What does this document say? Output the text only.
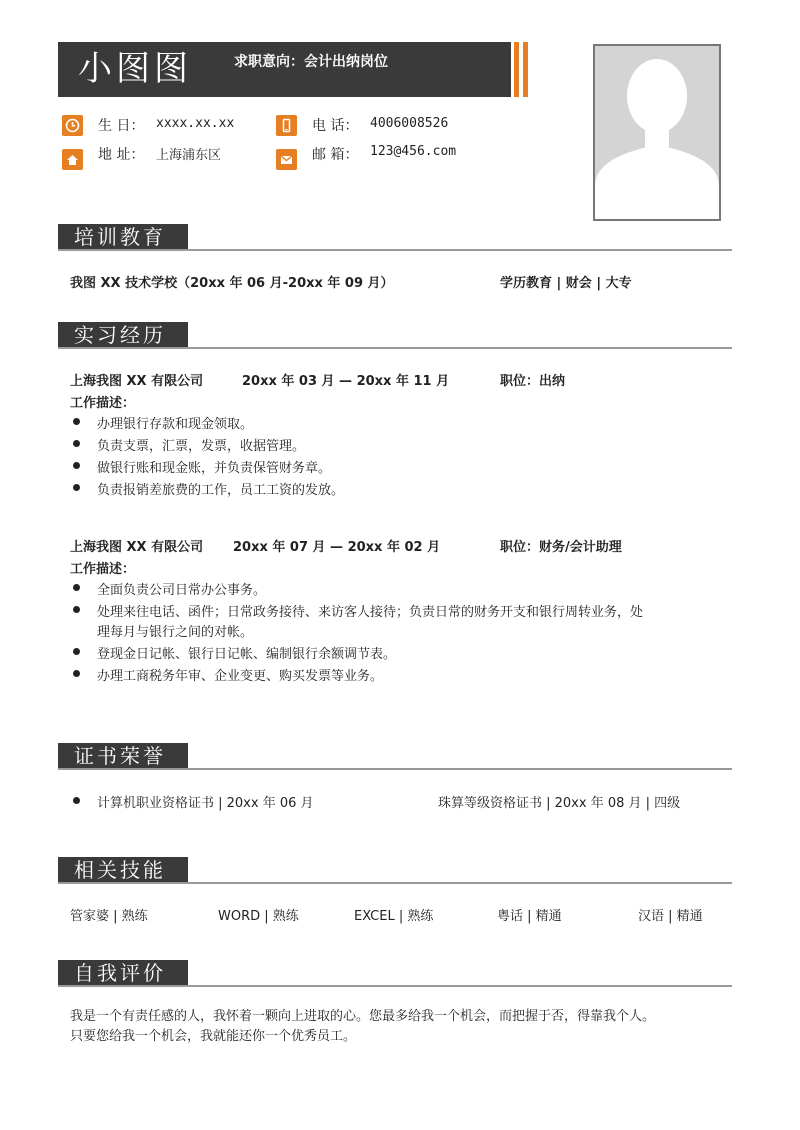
小图图	求职意向：会计出纳岗位
生 日： xxxx.xx.xx
地 址： 上海浦东区
电 话： 4006008526
邮 箱： 123@456.com
培训教育
我图 XX 技术学校（20xx 年 06 月-20xx 年 09 月）	学历教育 | 财会 | 大专
实习经历
上海我图 XX 有限公司	20xx 年 03 月 — 20xx 年 11 月	职位：出纳
工作描述：
办理银行存款和现金领取。
负责支票，汇票，发票，收据管理。
做银行账和现金账，并负责保管财务章。
负责报销差旅费的工作，员工工资的发放。
上海我图 XX 有限公司 20xx 年 07 月 — 20xx 年 02 月	职位：财务/会计助理
工作描述：
全面负责公司日常办公事务。
处理来往电话、函件；日常政务接待、来访客人接待；负责日常的财务开支和银行周转业务，处
理每月与银行之间的对帐。
登现金日记帐、银行日记帐、编制银行余额调节表。
办理工商税务年审、企业变更、购买发票等业务。
证书荣誉
计算机职业资格证书 | 20xx 年 06 月	珠算等级资格证书 | 20xx 年 08 月 | 四级
相关技能
管家婆 | 熟练	WORD | 熟练	EXCEL | 熟练	粤话 | 精通	汉语 | 精通
自我评价
我是一个有责任感的人，我怀着一颗向上进取的心。您最多给我一个机会，而把握于否，得靠我个人。
只要您给我一个机会，我就能还你一个优秀员工。
